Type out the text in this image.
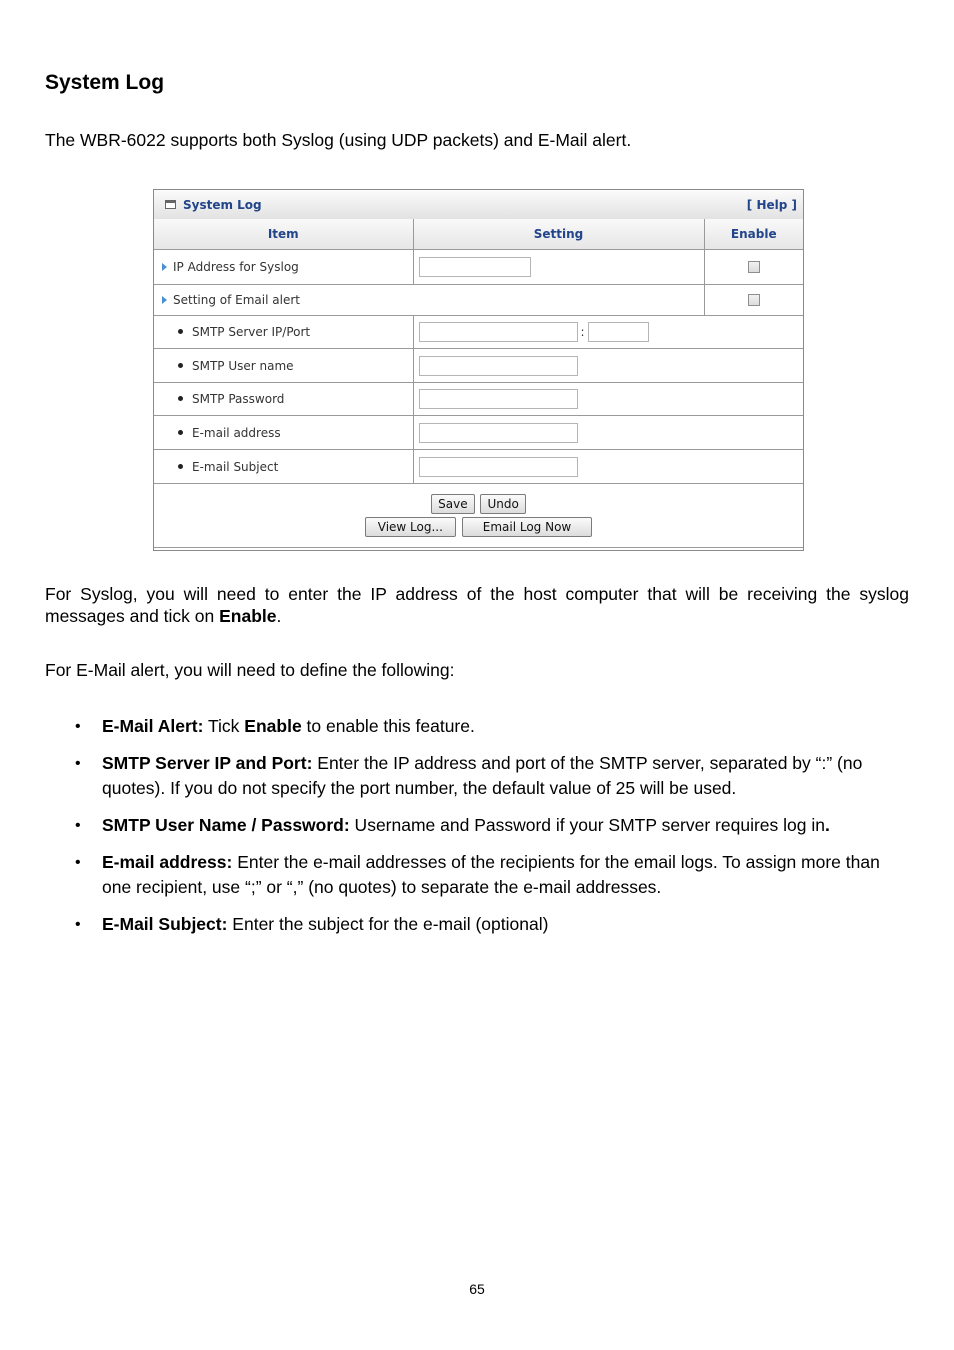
System Log

The WBR-6022 supports both Syslog (using UDP packets) and E-Mail alert.

System Log	[ Help ]
Item	Setting	Enable
IP Address for Syslog		

Setting of Email alert		

SMTP Server IP/Port	:	
SMTP User name		
SMTP Password		
E-mail address		
E-mail Subject		

Save Undo
View Log... Email Log Now		

For Syslog, you will need to enter the IP address of the host computer that will be receiving the syslog messages and tick on Enable.

For E-Mail alert, you will need to define the following:

• E-Mail Alert: Tick Enable to enable this feature.
• SMTP Server IP and Port: Enter the IP address and port of the SMTP server, separated by “:” (no quotes). If you do not specify the port number, the default value of 25 will be used.
• SMTP User Name / Password: Username and Password if your SMTP server requires log in.
• E-mail address: Enter the e-mail addresses of the recipients for the email logs. To assign more than one recipient, use “;” or “,” (no quotes) to separate the e-mail addresses.
• E-Mail Subject: Enter the subject for the e-mail (optional)
65
